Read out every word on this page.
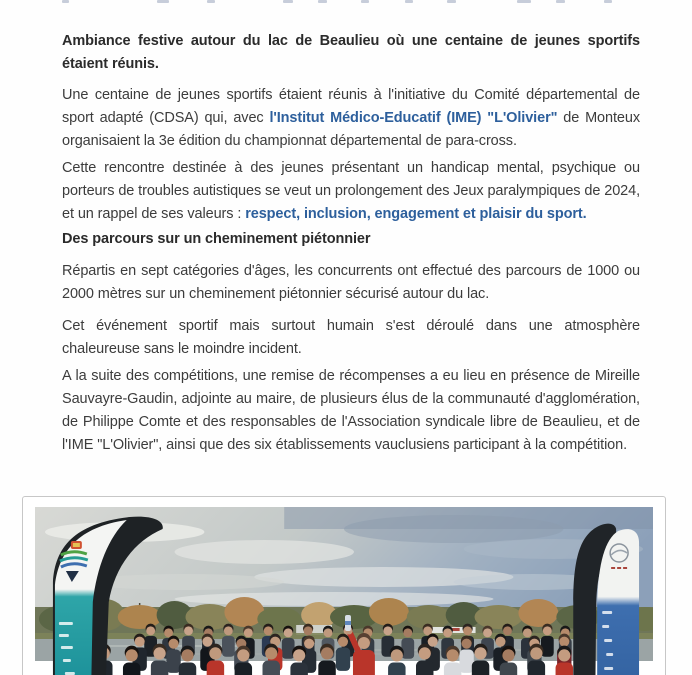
Ambiance festive autour du lac de Beaulieu où une centaine de jeunes sportifs étaient réunis.

Une centaine de jeunes sportifs étaient réunis à l'initiative du Comité départemental de sport adapté (CDSA) qui, avec l'Institut Médico-Educatif (IME) "L'Olivier" de Monteux organisaient la 3e édition du championnat départemental de para-cross.

Cette rencontre destinée à des jeunes présentant un handicap mental, psychique ou porteurs de troubles autistiques se veut un prolongement des Jeux paralympiques de 2024, et un rappel de ses valeurs : respect, inclusion, engagement et plaisir du sport.

Des parcours sur un cheminement piétonnier

Répartis en sept catégories d'âges, les concurrents ont effectué des parcours de 1000 ou 2000 mètres sur un cheminement piétonnier sécurisé autour du lac.

Cet événement sportif mais surtout humain s'est déroulé dans une atmosphère chaleureuse sans le moindre incident.

A la suite des compétitions, une remise de récompenses a eu lieu en présence de Mireille Sauvayre-Gaudin, adjointe au maire, de plusieurs élus de la communauté d'agglomération, de Philippe Comte et des responsables de l'Association syndicale libre de Beaulieu, et de l'IME "L'Olivier", ainsi que des six établissements vauclusiens participant à la compétition.
